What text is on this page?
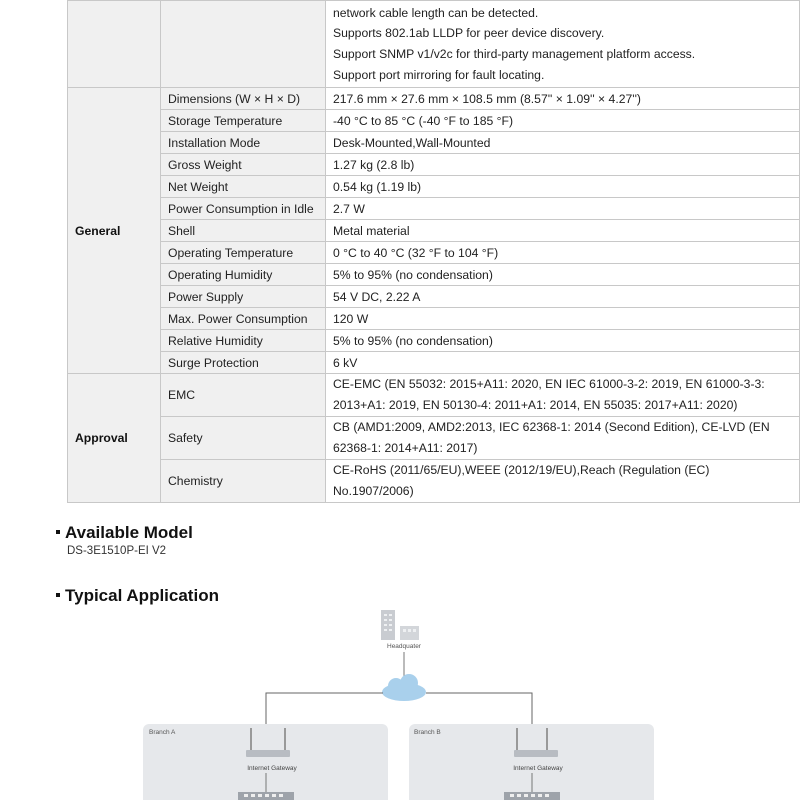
		network cable length can be detected.
Supports 802.1ab LLDP for peer device discovery.
Support SNMP v1/v2c for third-party management platform access.
Support port mirroring for fault locating.

General	Dimensions (W × H × D)	217.6 mm × 27.6 mm × 108.5 mm (8.57'' × 1.09'' × 4.27'')
	Storage Temperature	-40 °C to 85 °C (-40 °F to 185 °F)
	Installation Mode	Desk-Mounted,Wall-Mounted
	Gross Weight	1.27 kg (2.8 lb)
	Net Weight	0.54 kg (1.19 lb)
	Power Consumption in Idle	2.7 W
	Shell	Metal material
	Operating Temperature	0 °C to 40 °C (32 °F to 104 °F)
	Operating Humidity	5% to 95% (no condensation)
	Power Supply	54 V DC, 2.22 A
	Max. Power Consumption	120 W
	Relative Humidity	5% to 95% (no condensation)
	Surge Protection	6 kV
Approval	EMC	CE-EMC (EN 55032: 2015+A11: 2020, EN IEC 61000-3-2: 2019, EN 61000-3-3:
2013+A1: 2019, EN 50130-4: 2011+A1: 2014, EN 55035: 2017+A11: 2020)

	Safety	CB (AMD1:2009, AMD2:2013, IEC 62368-1: 2014 (Second Edition), CE-LVD (EN
62368-1: 2014+A11: 2017)

	Chemistry	CE-RoHS (2011/65/EU),WEEE (2012/19/EU),Reach (Regulation (EC)
No.1907/2006)
Available Model
DS-3E1510P-EI V2
Typical Application
Headquater
Branch A
Internet Gateway
Branch B
Internet Gateway
